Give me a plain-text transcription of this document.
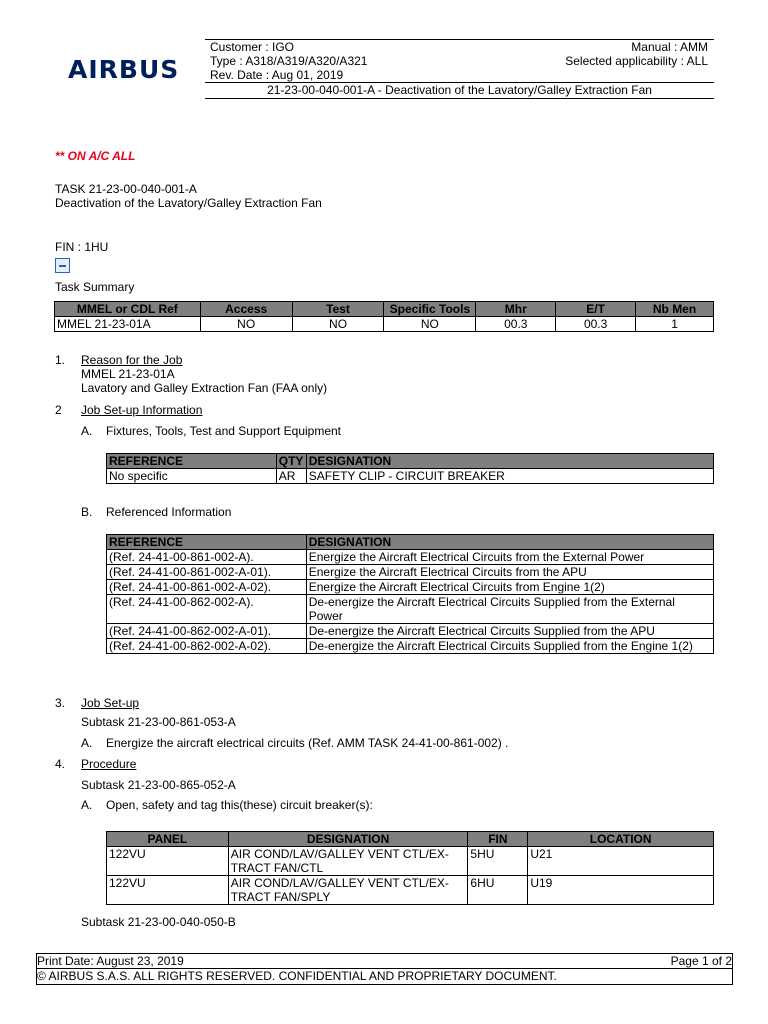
AIRBUS
Customer : IGO	Manual : AMM
Type : A318/A319/A320/A321	Selected applicability : ALL
Rev. Date : Aug 01, 2019
21-23-00-040-001-A - Deactivation of the Lavatory/Galley Extraction Fan
** ON A/C ALL
TASK 21-23-00-040-001-A
Deactivation of the Lavatory/Galley Extraction Fan
FIN : 1HU
Task Summary
MMEL or CDL Ref	Access	Test	Specific Tools	Mhr	E/T	Nb Men
MMEL 21-23-01A	NO	NO	NO	00.3	00.3	1
1. Reason for the Job
MMEL 21-23-01A
Lavatory and Galley Extraction Fan (FAA only)
2 Job Set-up Information
A. Fixtures, Tools, Test and Support Equipment
REFERENCE	QTY	DESIGNATION
No specific	AR	SAFETY CLIP - CIRCUIT BREAKER
B. Referenced Information
REFERENCE	DESIGNATION
(Ref. 24-41-00-861-002-A).	Energize the Aircraft Electrical Circuits from the External Power
(Ref. 24-41-00-861-002-A-01).	Energize the Aircraft Electrical Circuits from the APU
(Ref. 24-41-00-861-002-A-02).	Energize the Aircraft Electrical Circuits from Engine 1(2)
(Ref. 24-41-00-862-002-A).	De-energize the Aircraft Electrical Circuits Supplied from the External Power
(Ref. 24-41-00-862-002-A-01).	De-energize the Aircraft Electrical Circuits Supplied from the APU
(Ref. 24-41-00-862-002-A-02).	De-energize the Aircraft Electrical Circuits Supplied from the Engine 1(2)
3. Job Set-up
Subtask 21-23-00-861-053-A
A. Energize the aircraft electrical circuits (Ref. AMM TASK 24-41-00-861-002) .
4. Procedure
Subtask 21-23-00-865-052-A
A. Open, safety and tag this(these) circuit breaker(s):
PANEL	DESIGNATION	FIN	LOCATION
122VU	AIR COND/LAV/GALLEY VENT CTL/EX-TRACT FAN/CTL	5HU	U21
122VU	AIR COND/LAV/GALLEY VENT CTL/EX-TRACT FAN/SPLY	6HU	U19
Subtask 21-23-00-040-050-B
Print Date: August 23, 2019	Page 1 of 2
© AIRBUS S.A.S. ALL RIGHTS RESERVED. CONFIDENTIAL AND PROPRIETARY DOCUMENT.
